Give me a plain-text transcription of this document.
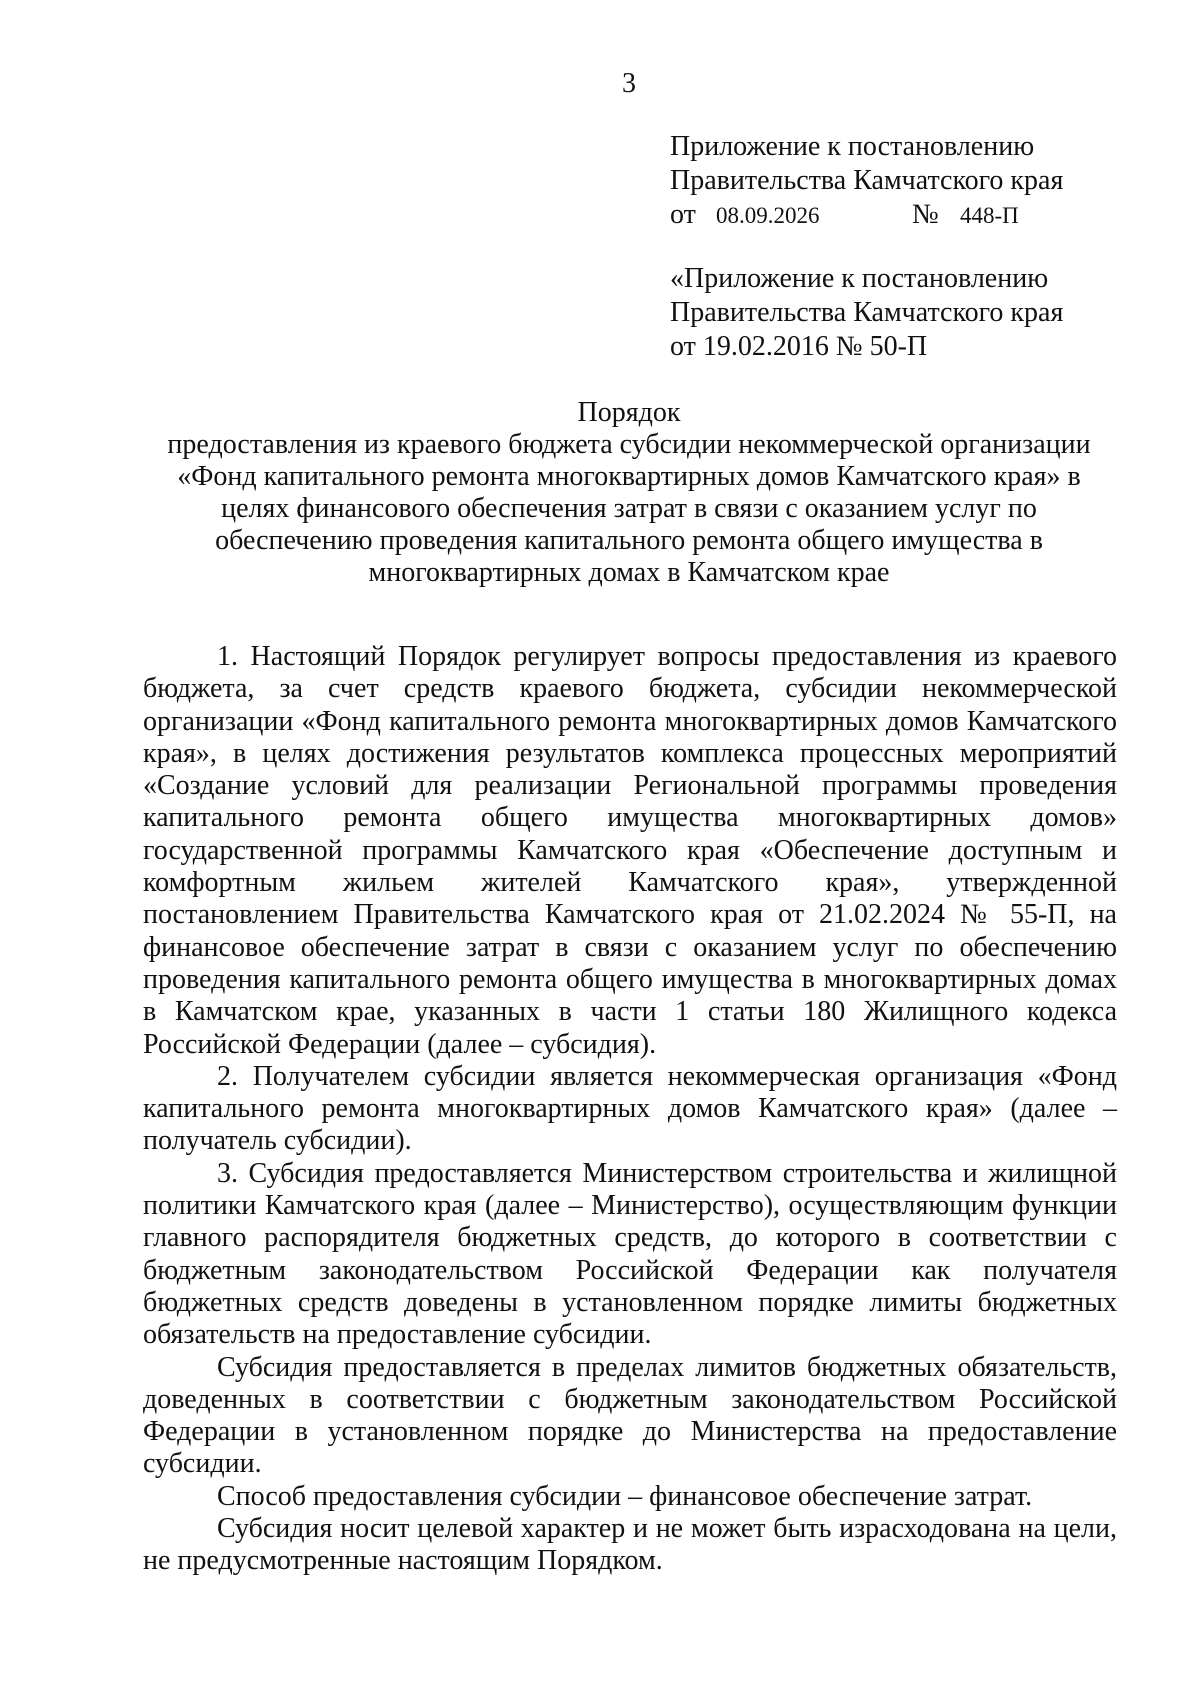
3
Приложение к постановлению
Правительства Камчатского края
от 08.09.2026	№ 448-П
«Приложение к постановлению
Правительства Камчатского края
от 19.02.2016 № 50-П
Порядок
предоставления из краевого бюджета субсидии некоммерческой организации «Фонд капитального ремонта многоквартирных домов Камчатского края» в целях финансового обеспечения затрат в связи с оказанием услуг по обеспечению проведения капитального ремонта общего имущества в многоквартирных домах в Камчатском крае

1. Настоящий Порядок регулирует вопросы предоставления из краевого бюджета, за счет средств краевого бюджета, субсидии некоммерческой организации «Фонд капитального ремонта многоквартирных домов Камчатского края», в целях достижения результатов комплекса процессных мероприятий «Создание условий для реализации Региональной программы проведения капитального ремонта общего имущества многоквартирных домов» государственной программы Камчатского края «Обеспечение доступным и комфортным жильем жителей Камчатского края», утвержденной постановлением Правительства Камчатского края от 21.02.2024 № 55-П, на финансовое обеспечение затрат в связи с оказанием услуг по обеспечению проведения капитального ремонта общего имущества в многоквартирных домах в Камчатском крае, указанных в части 1 статьи 180 Жилищного кодекса Российской Федерации (далее – субсидия).

2. Получателем субсидии является некоммерческая организация «Фонд капитального ремонта многоквартирных домов Камчатского края» (далее – получатель субсидии).

3. Субсидия предоставляется Министерством строительства и жилищной политики Камчатского края (далее – Министерство), осуществляющим функции главного распорядителя бюджетных средств, до которого в соответствии с бюджетным законодательством Российской Федерации как получателя бюджетных средств доведены в установленном порядке лимиты бюджетных обязательств на предоставление субсидии.

Субсидия предоставляется в пределах лимитов бюджетных обязательств, доведенных в соответствии с бюджетным законодательством Российской Федерации в установленном порядке до Министерства на предоставление субсидии.

Способ предоставления субсидии – финансовое обеспечение затрат.

Субсидия носит целевой характер и не может быть израсходована на цели, не предусмотренные настоящим Порядком.
